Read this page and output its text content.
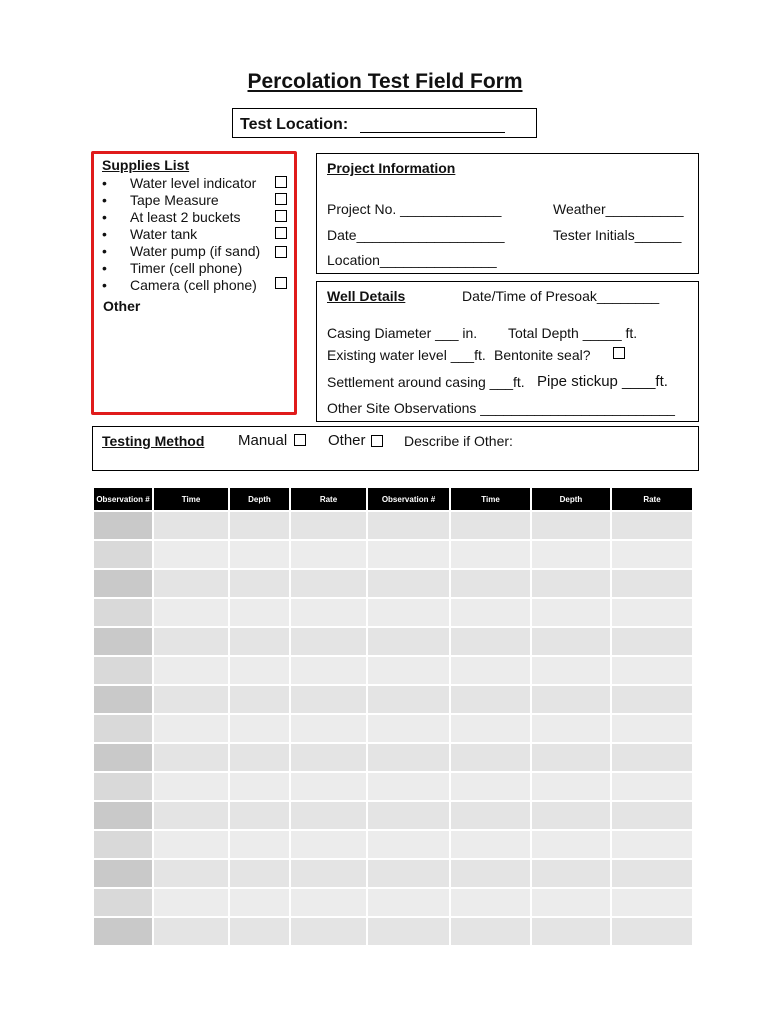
Percolation Test Field Form
Test Location:
Supplies List
• Water level indicator
• Tape Measure
• At least 2 buckets
• Water tank
• Water pump (if sand)
• Timer (cell phone)
• Camera (cell phone)
Other
Project Information
Project No. _____________	Weather__________
Date___________________	Tester Initials______
Location_______________
Well Details	Date/Time of Presoak________
Casing Diameter ___ in. Total Depth _____ ft.
Existing water level ___ft. Bentonite seal?
Settlement around casing ___ft. Pipe stickup ____ft.
Other Site Observations _________________________
Testing Method Manual	Other	Describe if Other:
Observation #	Time	Depth	Rate	Observation #	Time	Depth	Rate
